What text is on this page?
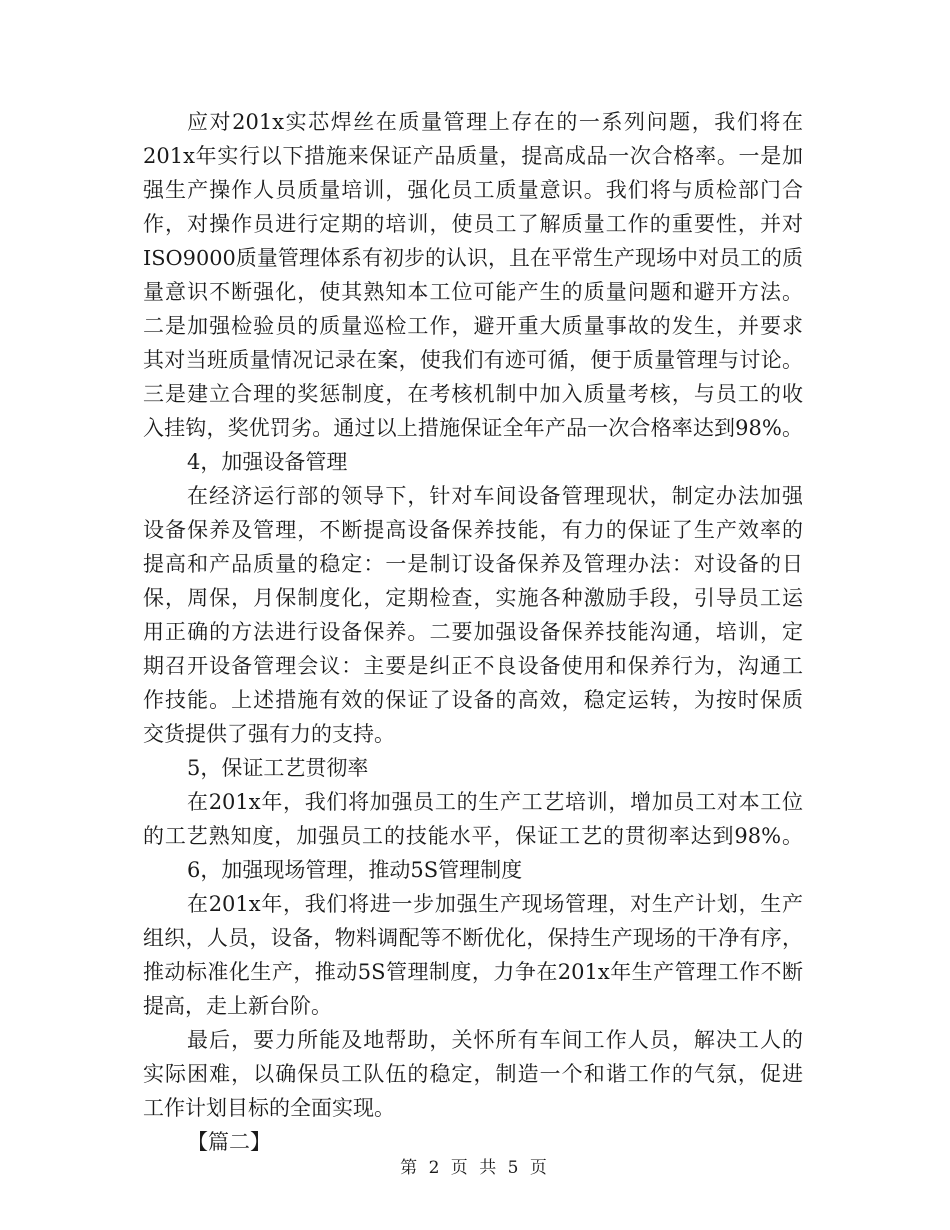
应对201x实芯焊丝在质量管理上存在的一系列问题，我们将在
201x年实行以下措施来保证产品质量，提高成品一次合格率。一是加
强生产操作人员质量培训，强化员工质量意识。我们将与质检部门合
作，对操作员进行定期的培训，使员工了解质量工作的重要性，并对
ISO9000质量管理体系有初步的认识，且在平常生产现场中对员工的质
量意识不断强化，使其熟知本工位可能产生的质量问题和避开方法。
二是加强检验员的质量巡检工作，避开重大质量事故的发生，并要求
其对当班质量情况记录在案，使我们有迹可循，便于质量管理与讨论。
三是建立合理的奖惩制度，在考核机制中加入质量考核，与员工的收
入挂钩，奖优罚劣。通过以上措施保证全年产品一次合格率达到98%。
4，加强设备管理
在经济运行部的领导下，针对车间设备管理现状，制定办法加强
设备保养及管理，不断提高设备保养技能，有力的保证了生产效率的
提高和产品质量的稳定：一是制订设备保养及管理办法：对设备的日
保，周保，月保制度化，定期检查，实施各种激励手段，引导员工运
用正确的方法进行设备保养。二要加强设备保养技能沟通，培训，定
期召开设备管理会议：主要是纠正不良设备使用和保养行为，沟通工
作技能。上述措施有效的保证了设备的高效，稳定运转，为按时保质
交货提供了强有力的支持。
5，保证工艺贯彻率
在201x年，我们将加强员工的生产工艺培训，增加员工对本工位
的工艺熟知度，加强员工的技能水平，保证工艺的贯彻率达到98%。
6，加强现场管理，推动5S管理制度
在201x年，我们将进一步加强生产现场管理，对生产计划，生产
组织，人员，设备，物料调配等不断优化，保持生产现场的干净有序，
推动标准化生产，推动5S管理制度，力争在201x年生产管理工作不断
提高，走上新台阶。
最后，要力所能及地帮助，关怀所有车间工作人员，解决工人的
实际困难，以确保员工队伍的稳定，制造一个和谐工作的气氛，促进
工作计划目标的全面实现。
【篇二】
第 2 页 共 5 页
